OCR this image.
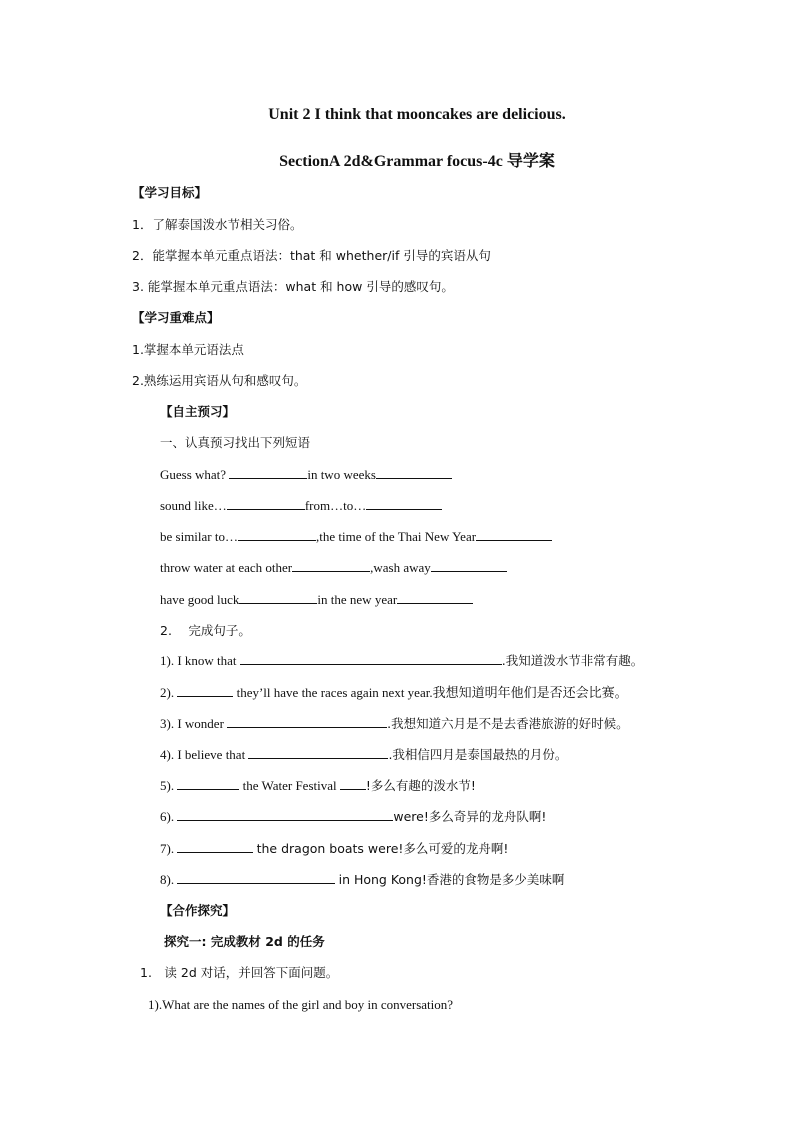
Unit 2 I think that mooncakes are delicious.
SectionA 2d&Grammar focus-4c 导学案
【学习目标】
1．了解泰国泼水节相关习俗。
2．能掌握本单元重点语法：that 和 whether/if 引导的宾语从句
3. 能掌握本单元重点语法：what 和 how 引导的感叹句。
【学习重难点】
1.掌握本单元语法点
2.熟练运用宾语从句和感叹句。
【自主预习】
一、认真预习找出下列短语
Guess what?	in two weeks
sound like…	from…to…
be similar to…	,the time of the Thai New Year
throw water at each other	,wash away
have good luck	in the new year
2.　 完成句子。
1). I know that	.我知道泼水节非常有趣。
2).	they’ll have the races again next year.我想知道明年他们是否还会比赛。
3). I wonder	.我想知道六月是不是去香港旅游的好时候。
4). I believe that	.我相信四月是泰国最热的月份。
5).	the Water Festival !多么有趣的泼水节!
6).	were!多么奇异的龙舟队啊!
7).	the dragon boats were!多么可爱的龙舟啊!
8).	in Hong Kong!香港的食物是多少美味啊
【合作探究】
探究一: 完成教材 2d 的任务
1.　读 2d 对话，并回答下面问题。
1).What are the names of the girl and boy in conversation?
